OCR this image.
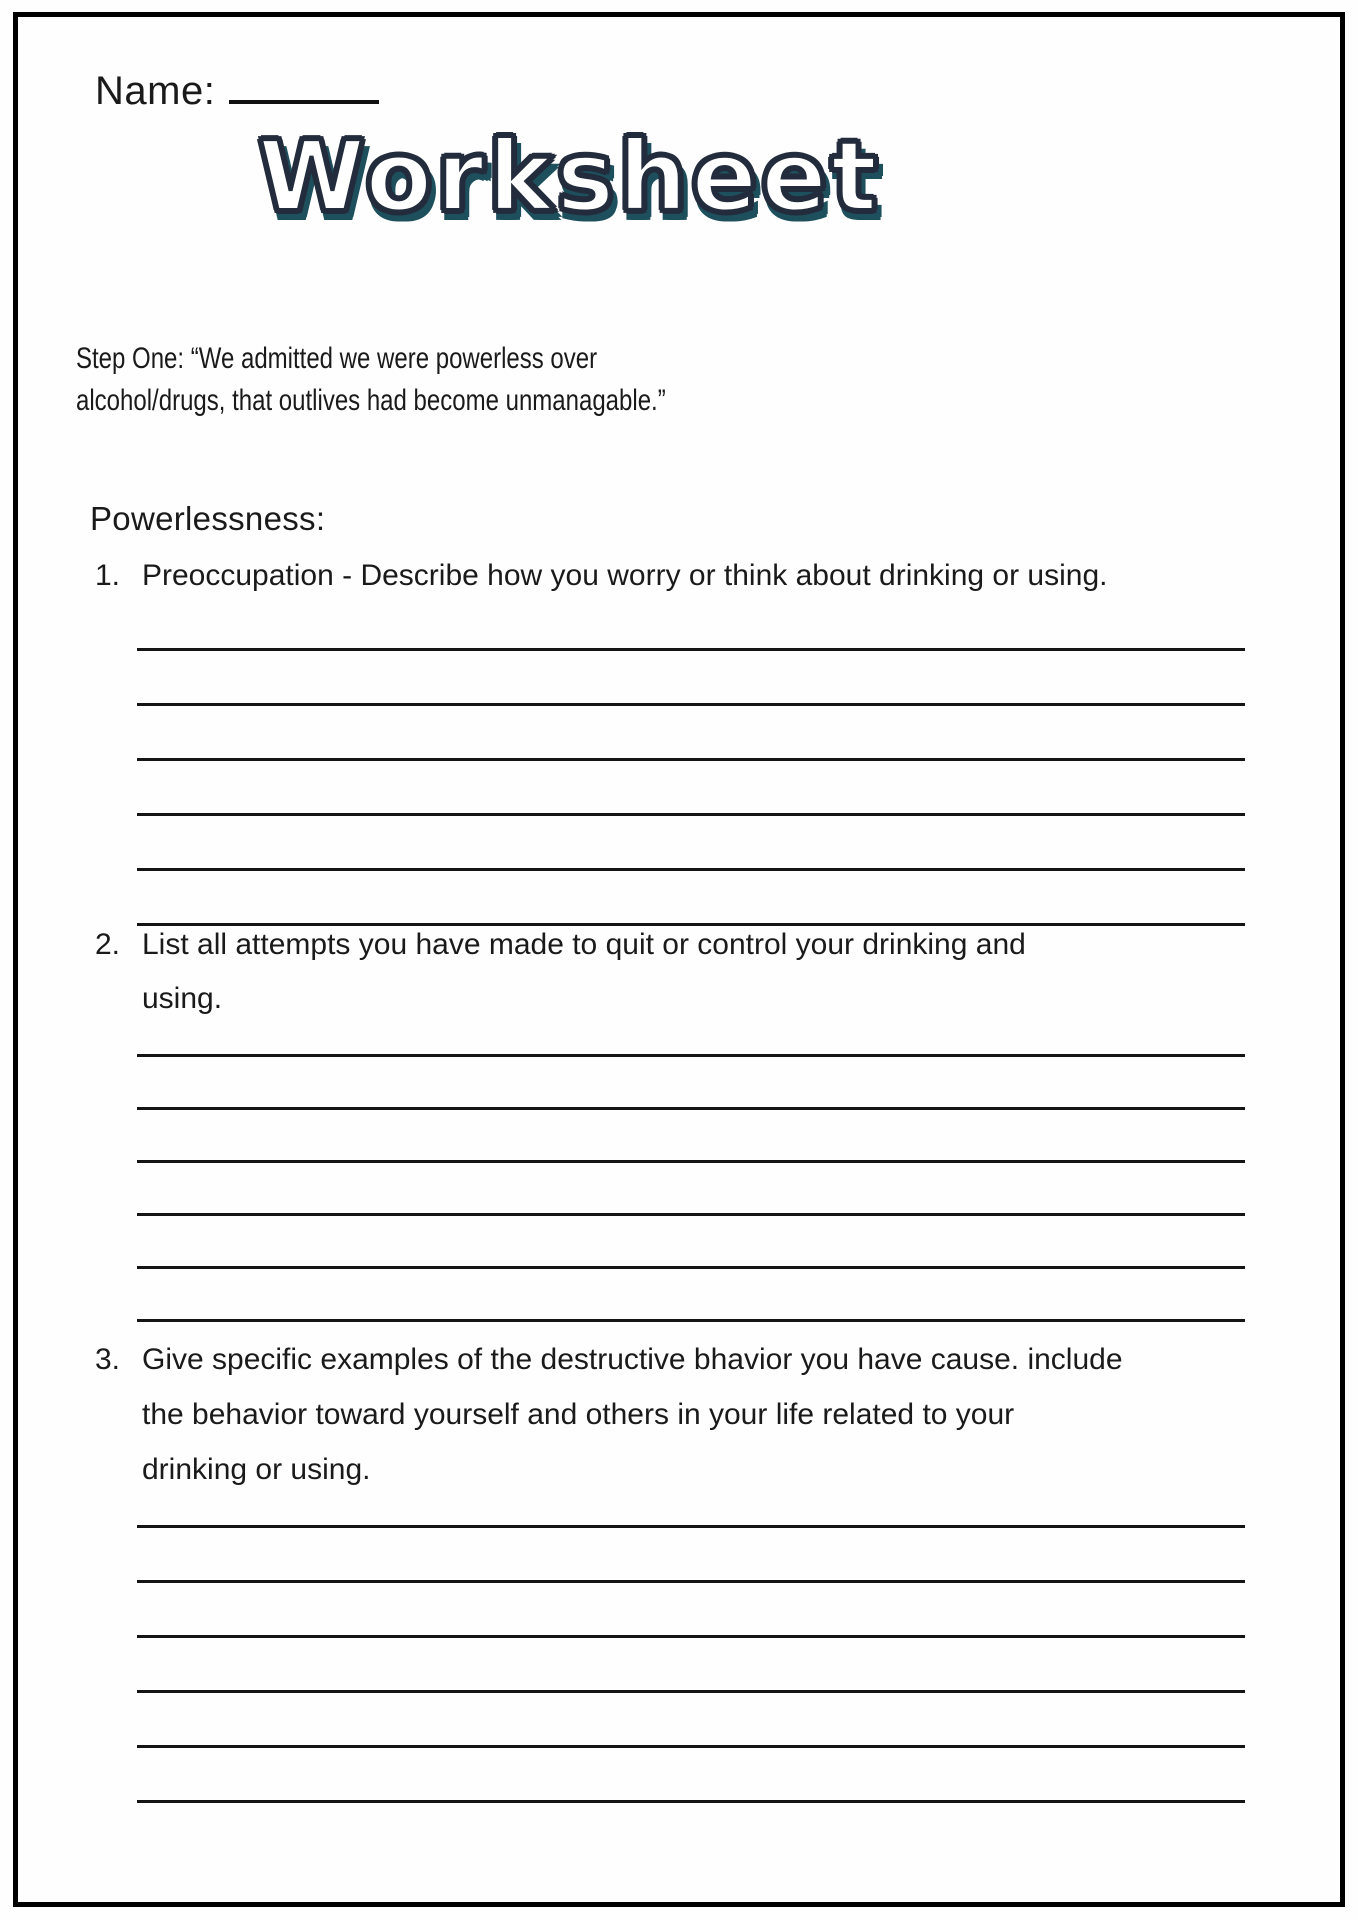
Name:
Worksheet
Step One: “We admitted we were powerless over
alcohol/drugs, that outlives had become unmanagable.”
Powerlessness:
1. Preoccupation - Describe how you worry or think about drinking or using.
2. List all attempts you have made to quit or control your drinking and
using.
3. Give specific examples of the destructive bhavior you have cause. include
the behavior toward yourself and others in your life related to your
drinking or using.
